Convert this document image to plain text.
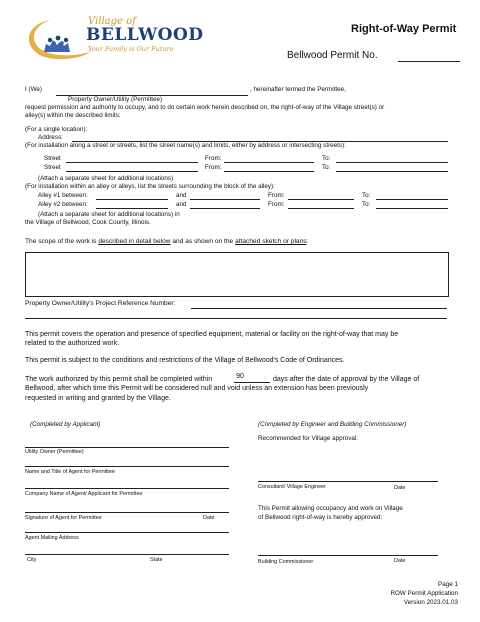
Village of
BELLWOOD
Your Family is Our Future
Right-of-Way Permit
Bellwood Permit No.
I (We)	, hereinafter termed the Permittee,
Property Owner/Utility (Permittee)
request permission and authority to occupy, and to do certain work herein described on, the right-of-way of the Village street(s) or
alley(s) within the described limits:
(For a single location):
Address:
(For installation along a street or streets, list the street name(s) and limits, either by address or intersecting streets):
Street	From:	To:
Street	From:	To:
(Attach a separate sheet for additional locations)
(For installation within an alley or alleys, list the streets surrounding the block of the alley):
Alley #1 between:	and	From:	To:
Alley #2 between:	and	From:	To:
(Attach a separate sheet for additional locations) in
the Village of Bellwood, Cook County, Illinois.
The scope of the work is described in detail below and as shown on the attached sketch or plans:
Property Owner/Utility's Project Reference Number:
This permit covers the operation and presence of specified equipment, material or facility on the right-of-way that may be
related to the authorized work.
This permit is subject to the conditions and restrictions of the Village of Bellwood's Code of Ordinances.
The work authorized by this permit shall be completed within	90	days after the date of approval by the Village of
Bellwood, after which time this Permit will be considered null and void unless an extension has been previously
requested in writing and granted by the Village.
(Completed by Applicant)
Utility Owner (Permittee)
Name and Title of Agent for Permittee
Company Name of Agent/ Applicant for Permittee
Signature of Agent for Permittee	Date
Agent Mailing Address
City	State
(Completed by Engineer and Building Commissioner)
Recommended for Village approval:
Consultant/ Village Engineer	Date
This Permit allowing occupancy and work on Village
of Bellwood right-of-way is hereby approved:
Building Commissioner	Date
Page 1
ROW Permit Application
Version 2023.01.03
